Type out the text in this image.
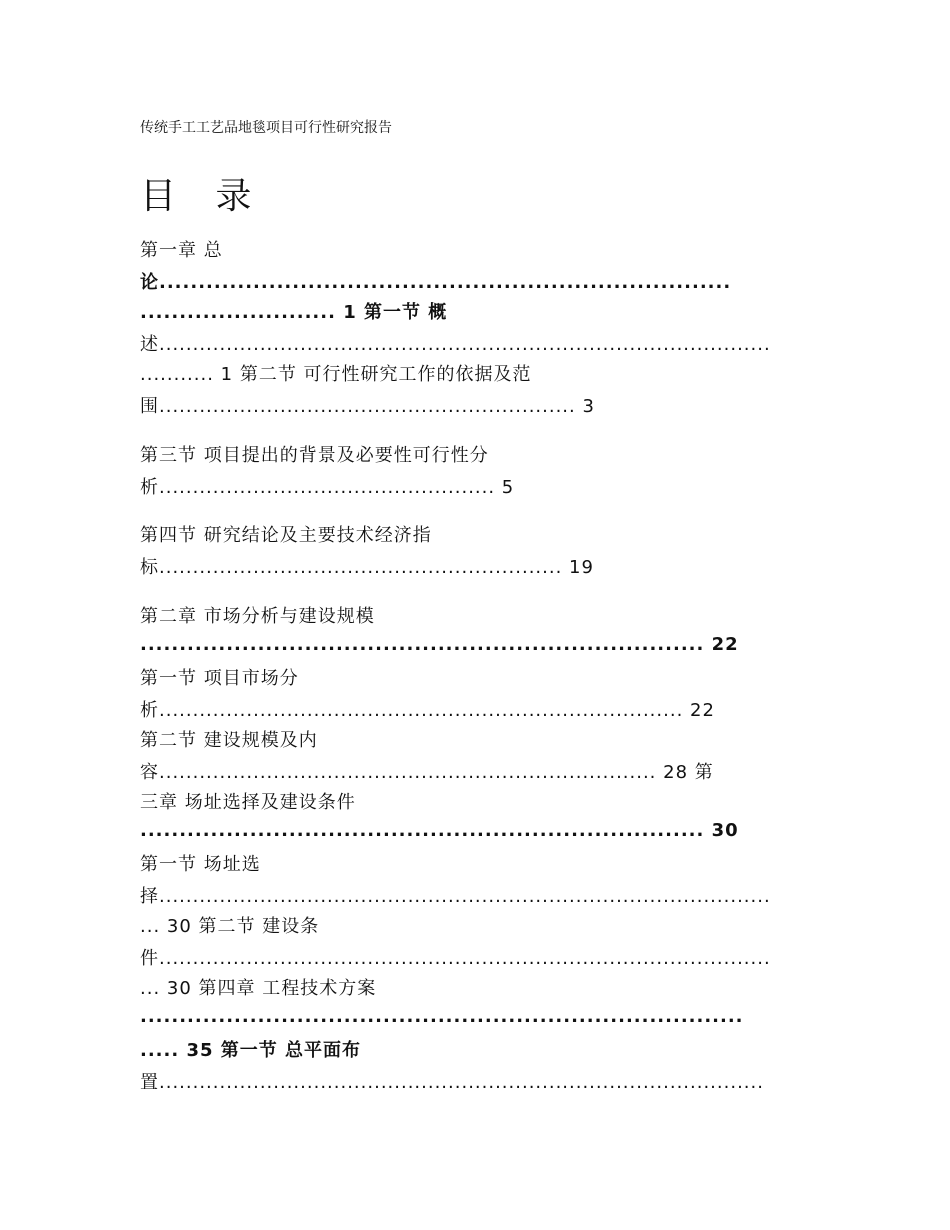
传统手工工艺品地毯项目可行性研究报告
目 录
第一章 总
论.........................................................................
......................... 1 第一节 概
述...........................................................................................
........... 1 第二节 可行性研究工作的依据及范
围.............................................................. 3
第三节 项目提出的背景及必要性可行性分
析.................................................. 5
第四节 研究结论及主要技术经济指
标............................................................ 19
第二章 市场分析与建设规模
........................................................................ 22
第一节 项目市场分
析.............................................................................. 22
第二节 建设规模及内
容.......................................................................... 28 第
三章 场址选择及建设条件
........................................................................ 30
第一节 场址选
择...........................................................................................
... 30 第二节 建设条
件...........................................................................................
... 30 第四章 工程技术方案
.............................................................................
..... 35 第一节 总平面布
置..........................................................................................
